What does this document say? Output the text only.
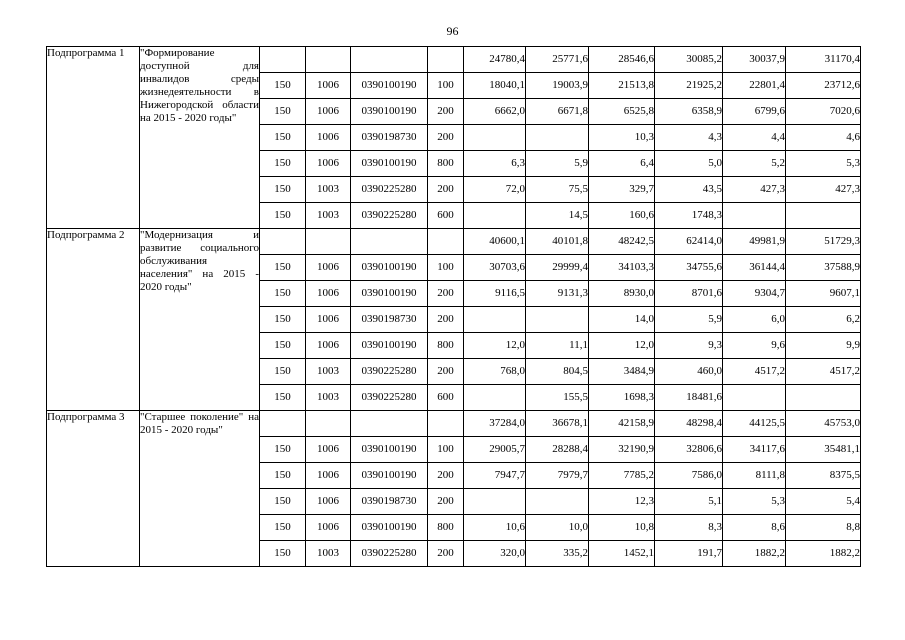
96
Подпрограмма 1	"Формирование доступной для инвалидов среды жизнедеятельности в Нижегородской области на 2015 - 2020 годы"					24780,4	25771,6	28546,6	30085,2	30037,9	31170,4
		150	1006	0390100190	100	18040,1	19003,9	21513,8	21925,2	22801,4	23712,6
		150	1006	0390100190	200	6662,0	6671,8	6525,8	6358,9	6799,6	7020,6
		150	1006	0390198730	200			10,3	4,3	4,4	4,6
		150	1006	0390100190	800	6,3	5,9	6,4	5,0	5,2	5,3
		150	1003	0390225280	200	72,0	75,5	329,7	43,5	427,3	427,3
		150	1003	0390225280	600		14,5	160,6	1748,3		
Подпрограмма 2	"Модернизация и развитие социального обслуживания населения" на 2015 - 2020 годы"					40600,1	40101,8	48242,5	62414,0	49981,9	51729,3
		150	1006	0390100190	100	30703,6	29999,4	34103,3	34755,6	36144,4	37588,9
		150	1006	0390100190	200	9116,5	9131,3	8930,0	8701,6	9304,7	9607,1
		150	1006	0390198730	200			14,0	5,9	6,0	6,2
		150	1006	0390100190	800	12,0	11,1	12,0	9,3	9,6	9,9
		150	1003	0390225280	200	768,0	804,5	3484,9	460,0	4517,2	4517,2
		150	1003	0390225280	600		155,5	1698,3	18481,6		
Подпрограмма 3	"Старшее поколение" на 2015 - 2020 годы"					37284,0	36678,1	42158,9	48298,4	44125,5	45753,0
		150	1006	0390100190	100	29005,7	28288,4	32190,9	32806,6	34117,6	35481,1
		150	1006	0390100190	200	7947,7	7979,7	7785,2	7586,0	8111,8	8375,5
		150	1006	0390198730	200			12,3	5,1	5,3	5,4
		150	1006	0390100190	800	10,6	10,0	10,8	8,3	8,6	8,8
		150	1003	0390225280	200	320,0	335,2	1452,1	191,7	1882,2	1882,2
